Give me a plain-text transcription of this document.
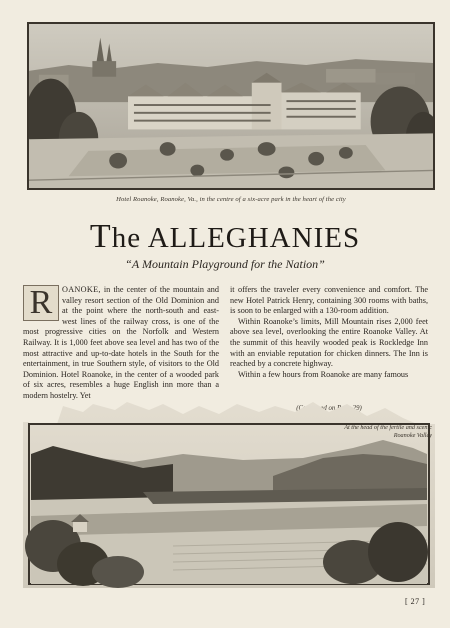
Hotel Roanoke, Roanoke, Va., in the centre of a six-acre park in the heart of the city
The ALLEGHANIES
“A Mountain Playground for the Nation”

R	OANOKE, in the center of the mountain and valley resort section of the Old Dominion and at the point where the north-south and east-west lines of the railway cross, is one of the most progressive cities on the Norfolk and Western Railway. It is 1,000 feet above sea level and has two of the most attractive and up-to-date hotels in the South for the entertainment, in true Southern style, of visitors to the Old Dominion. Hotel Roanoke, in the center of a wooded park of six acres, resembles a huge English inn more than a modern hostelry. Yet

it offers the traveler every convenience and comfort. The new Hotel Patrick Henry, containing 300 rooms with baths, is soon to be enlarged with a 130-room addition.

Within Roanoke’s limits, Mill Mountain rises 2,000 feet above sea level, overlooking the entire Roanoke Valley. At the summit of this heavily wooded peak is Rockledge Inn with an enviable reputation for chicken dinners. The Inn is reached by a concrete highway.

Within a few hours from Roanoke are many famous

(Continued on Page 29)
At the head of the fertile and scenic Roanoke Valley
[ 27 ]
